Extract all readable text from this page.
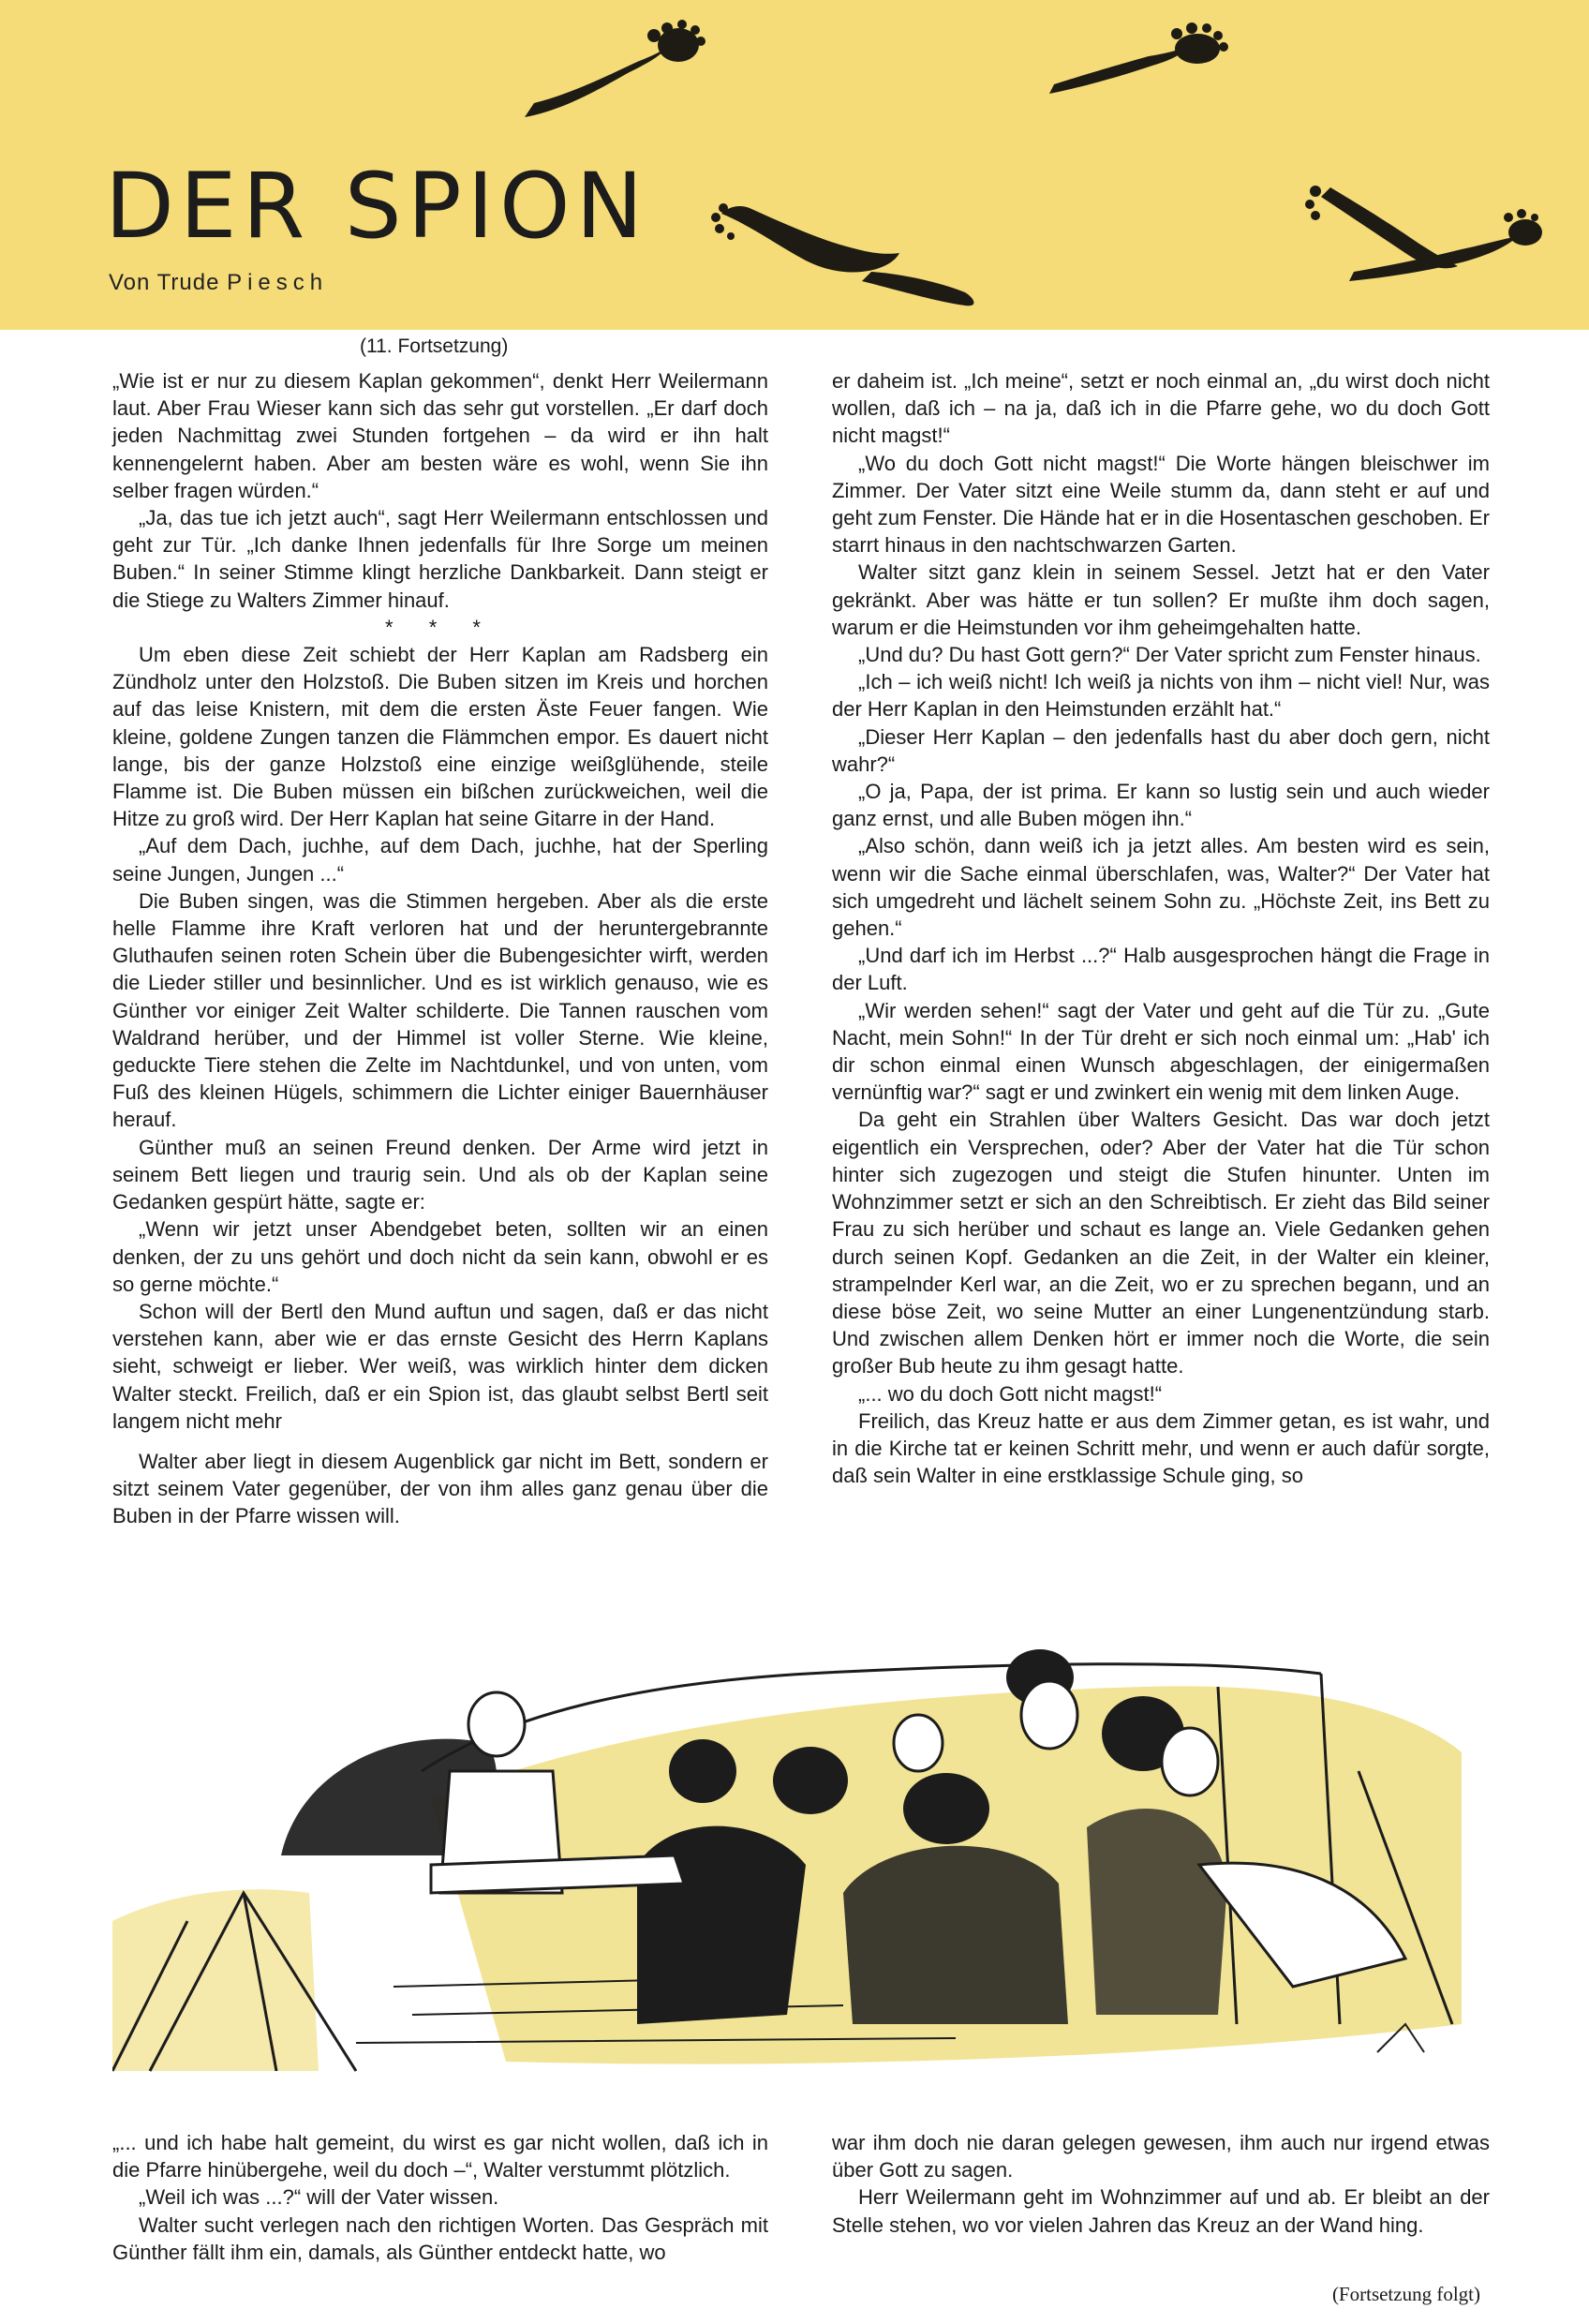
DER SPION
Von Trude Piesch
(11. Fortsetzung)

„Wie ist er nur zu diesem Kaplan gekommen“, denkt Herr Weilermann laut. Aber Frau Wieser kann sich das sehr gut vorstellen. „Er darf doch jeden Nachmittag zwei Stunden fortgehen – da wird er ihn halt kennengelernt haben. Aber am besten wäre es wohl, wenn Sie ihn selber fragen würden.“

„Ja, das tue ich jetzt auch“, sagt Herr Weilermann entschlossen und geht zur Tür. „Ich danke Ihnen jedenfalls für Ihre Sorge um meinen Buben.“ In seiner Stimme klingt herzliche Dankbarkeit. Dann steigt er die Stiege zu Walters Zimmer hinauf.

* * *

Um eben diese Zeit schiebt der Herr Kaplan am Radsberg ein Zündholz unter den Holzstoß. Die Buben sitzen im Kreis und horchen auf das leise Knistern, mit dem die ersten Äste Feuer fangen. Wie kleine, goldene Zungen tanzen die Flämmchen empor. Es dauert nicht lange, bis der ganze Holzstoß eine einzige weißglühende, steile Flamme ist. Die Buben müssen ein bißchen zurückweichen, weil die Hitze zu groß wird. Der Herr Kaplan hat seine Gitarre in der Hand.

„Auf dem Dach, juchhe, auf dem Dach, juchhe, hat der Sperling seine Jungen, Jungen ...“

Die Buben singen, was die Stimmen hergeben. Aber als die erste helle Flamme ihre Kraft verloren hat und der heruntergebrannte Gluthaufen seinen roten Schein über die Bubengesichter wirft, werden die Lieder stiller und besinnlicher. Und es ist wirklich genauso, wie es Günther vor einiger Zeit Walter schilderte. Die Tannen rauschen vom Waldrand herüber, und der Himmel ist voller Sterne. Wie kleine, geduckte Tiere stehen die Zelte im Nachtdunkel, und von unten, vom Fuß des kleinen Hügels, schimmern die Lichter einiger Bauernhäuser herauf.

Günther muß an seinen Freund denken. Der Arme wird jetzt in seinem Bett liegen und traurig sein. Und als ob der Kaplan seine Gedanken gespürt hätte, sagte er:

„Wenn wir jetzt unser Abendgebet beten, sollten wir an einen denken, der zu uns gehört und doch nicht da sein kann, obwohl er es so gerne möchte.“

Schon will der Bertl den Mund auftun und sagen, daß er das nicht verstehen kann, aber wie er das ernste Gesicht des Herrn Kaplans sieht, schweigt er lieber. Wer weiß, was wirklich hinter dem dicken Walter steckt. Freilich, daß er ein Spion ist, das glaubt selbst Bertl seit langem nicht mehr

Walter aber liegt in diesem Augenblick gar nicht im Bett, sondern er sitzt seinem Vater gegenüber, der von ihm alles ganz genau über die Buben in der Pfarre wissen will.

er daheim ist. „Ich meine“, setzt er noch einmal an, „du wirst doch nicht wollen, daß ich – na ja, daß ich in die Pfarre gehe, wo du doch Gott nicht magst!“

„Wo du doch Gott nicht magst!“ Die Worte hängen bleischwer im Zimmer. Der Vater sitzt eine Weile stumm da, dann steht er auf und geht zum Fenster. Die Hände hat er in die Hosentaschen geschoben. Er starrt hinaus in den nachtschwarzen Garten.

Walter sitzt ganz klein in seinem Sessel. Jetzt hat er den Vater gekränkt. Aber was hätte er tun sollen? Er mußte ihm doch sagen, warum er die Heimstunden vor ihm geheimgehalten hatte.

„Und du? Du hast Gott gern?“ Der Vater spricht zum Fenster hinaus.

„Ich – ich weiß nicht! Ich weiß ja nichts von ihm – nicht viel! Nur, was der Herr Kaplan in den Heimstunden erzählt hat.“

„Dieser Herr Kaplan – den jedenfalls hast du aber doch gern, nicht wahr?“

„O ja, Papa, der ist prima. Er kann so lustig sein und auch wieder ganz ernst, und alle Buben mögen ihn.“

„Also schön, dann weiß ich ja jetzt alles. Am besten wird es sein, wenn wir die Sache einmal überschlafen, was, Walter?“ Der Vater hat sich umgedreht und lächelt seinem Sohn zu. „Höchste Zeit, ins Bett zu gehen.“

„Und darf ich im Herbst ...?“ Halb ausgesprochen hängt die Frage in der Luft.

„Wir werden sehen!“ sagt der Vater und geht auf die Tür zu. „Gute Nacht, mein Sohn!“ In der Tür dreht er sich noch einmal um: „Hab' ich dir schon einmal einen Wunsch abgeschlagen, der einigermaßen vernünftig war?“ sagt er und zwinkert ein wenig mit dem linken Auge.

Da geht ein Strahlen über Walters Gesicht. Das war doch jetzt eigentlich ein Versprechen, oder? Aber der Vater hat die Tür schon hinter sich zugezogen und steigt die Stufen hinunter. Unten im Wohnzimmer setzt er sich an den Schreibtisch. Er zieht das Bild seiner Frau zu sich herüber und schaut es lange an. Viele Gedanken gehen durch seinen Kopf. Gedanken an die Zeit, in der Walter ein kleiner, strampelnder Kerl war, an die Zeit, wo er zu sprechen begann, und an diese böse Zeit, wo seine Mutter an einer Lungenentzündung starb. Und zwischen allem Denken hört er immer noch die Worte, die sein großer Bub heute zu ihm gesagt hatte.

„... wo du doch Gott nicht magst!“

Freilich, das Kreuz hatte er aus dem Zimmer getan, es ist wahr, und in die Kirche tat er keinen Schritt mehr, und wenn er auch dafür sorgte, daß sein Walter in eine erstklassige Schule ging, so

„... und ich habe halt gemeint, du wirst es gar nicht wollen, daß ich in die Pfarre hinübergehe, weil du doch –“, Walter verstummt plötzlich.

„Weil ich was ...?“ will der Vater wissen.

Walter sucht verlegen nach den richtigen Worten. Das Gespräch mit Günther fällt ihm ein, damals, als Günther entdeckt hatte, wo

war ihm doch nie daran gelegen gewesen, ihm auch nur irgend etwas über Gott zu sagen.

Herr Weilermann geht im Wohnzimmer auf und ab. Er bleibt an der Stelle stehen, wo vor vielen Jahren das Kreuz an der Wand hing.

(Fortsetzung folgt)
